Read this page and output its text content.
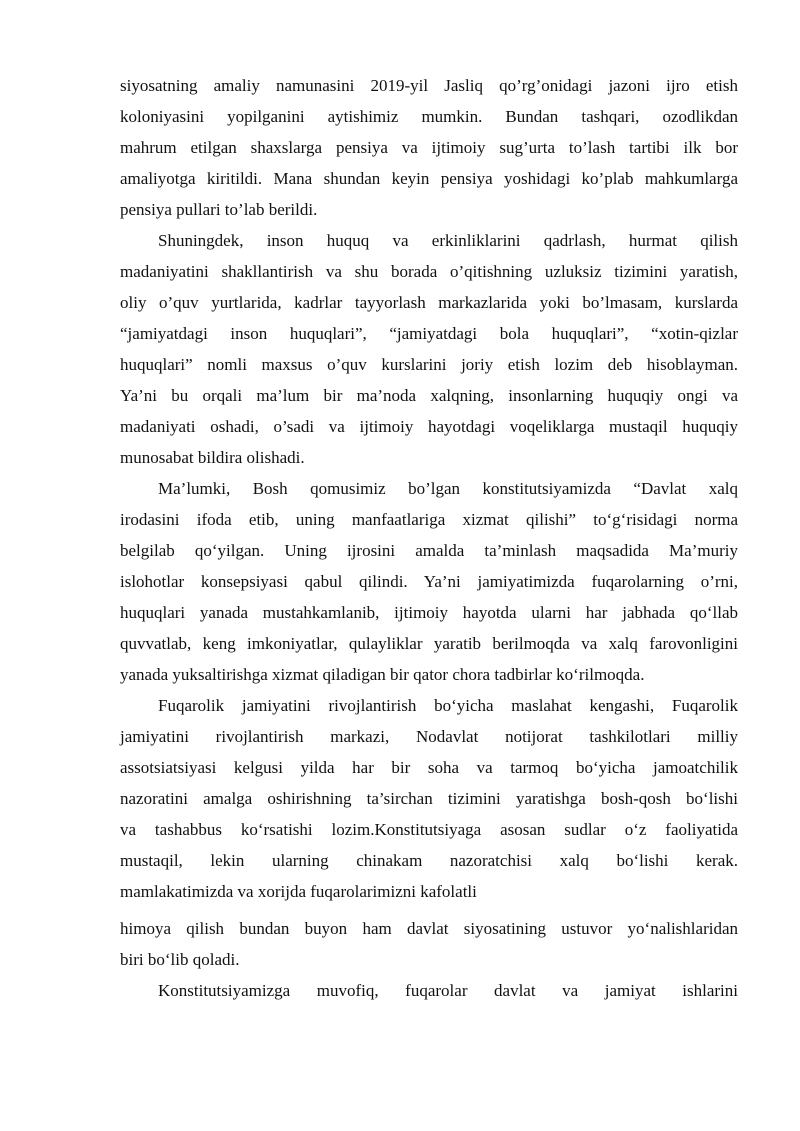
siyosatning amaliy namunasini 2019-yil Jasliq qo’rg’onidagi jazoni ijro etish
koloniyasini yopilganini aytishimiz mumkin. Bundan tashqari, ozodlikdan
mahrum etilgan shaxslarga pensiya va ijtimoiy sug’urta to’lash tartibi ilk bor
amaliyotga kiritildi. Mana shundan keyin pensiya yoshidagi ko’plab mahkumlarga
pensiya pullari to’lab berildi.
Shuningdek, inson huquq va erkinliklarini qadrlash, hurmat qilish
madaniyatini shakllantirish va shu borada o’qitishning uzluksiz tizimini yaratish,
oliy o’quv yurtlarida, kadrlar tayyorlash markazlarida yoki bo’lmasam, kurslarda
“jamiyatdagi inson huquqlari”, “jamiyatdagi bola huquqlari”, “xotin-qizlar
huquqlari” nomli maxsus o’quv kurslarini joriy etish lozim deb hisoblayman.
Ya’ni bu orqali ma’lum bir ma’noda xalqning, insonlarning huquqiy ongi va
madaniyati oshadi, o’sadi va ijtimoiy hayotdagi voqeliklarga mustaqil huquqiy
munosabat bildira olishadi.
Ma’lumki, Bosh qomusimiz bo’lgan konstitutsiyamizda “Davlat xalq
irodasini ifoda etib, uning manfaatlariga xizmat qilishi” to‘g‘risidagi norma
belgilab qo‘yilgan. Uning ijrosini amalda ta’minlash maqsadida Ma’muriy
islohotlar konsepsiyasi qabul qilindi. Ya’ni jamiyatimizda fuqarolarning o’rni,
huquqlari yanada mustahkamlanib, ijtimoiy hayotda ularni har jabhada qo‘llab
quvvatlab, keng imkoniyatlar, qulayliklar yaratib berilmoqda va xalq farovonligini
yanada yuksaltirishga xizmat qiladigan bir qator chora tadbirlar ko‘rilmoqda.
Fuqarolik jamiyatini rivojlantirish bo‘yicha maslahat kengashi, Fuqarolik
jamiyatini rivojlantirish markazi, Nodavlat notijorat tashkilotlari milliy
assotsiatsiyasi kelgusi yilda har bir soha va tarmoq bo‘yicha jamoatchilik
nazoratini amalga oshirishning ta’sirchan tizimini yaratishga bosh-qosh bo‘lishi
va tashabbus ko‘rsatishi lozim.Konstitutsiyaga asosan sudlar o‘z faoliyatida
mustaqil, lekin ularning chinakam nazoratchisi xalq bo‘lishi kerak.
mamlakatimizda va xorijda fuqarolarimizni kafolatli
himoya qilish bundan buyon ham davlat siyosatining ustuvor yo‘nalishlaridan
biri bo‘lib qoladi.
Konstitutsiyamizga muvofiq, fuqarolar davlat va jamiyat ishlarini
